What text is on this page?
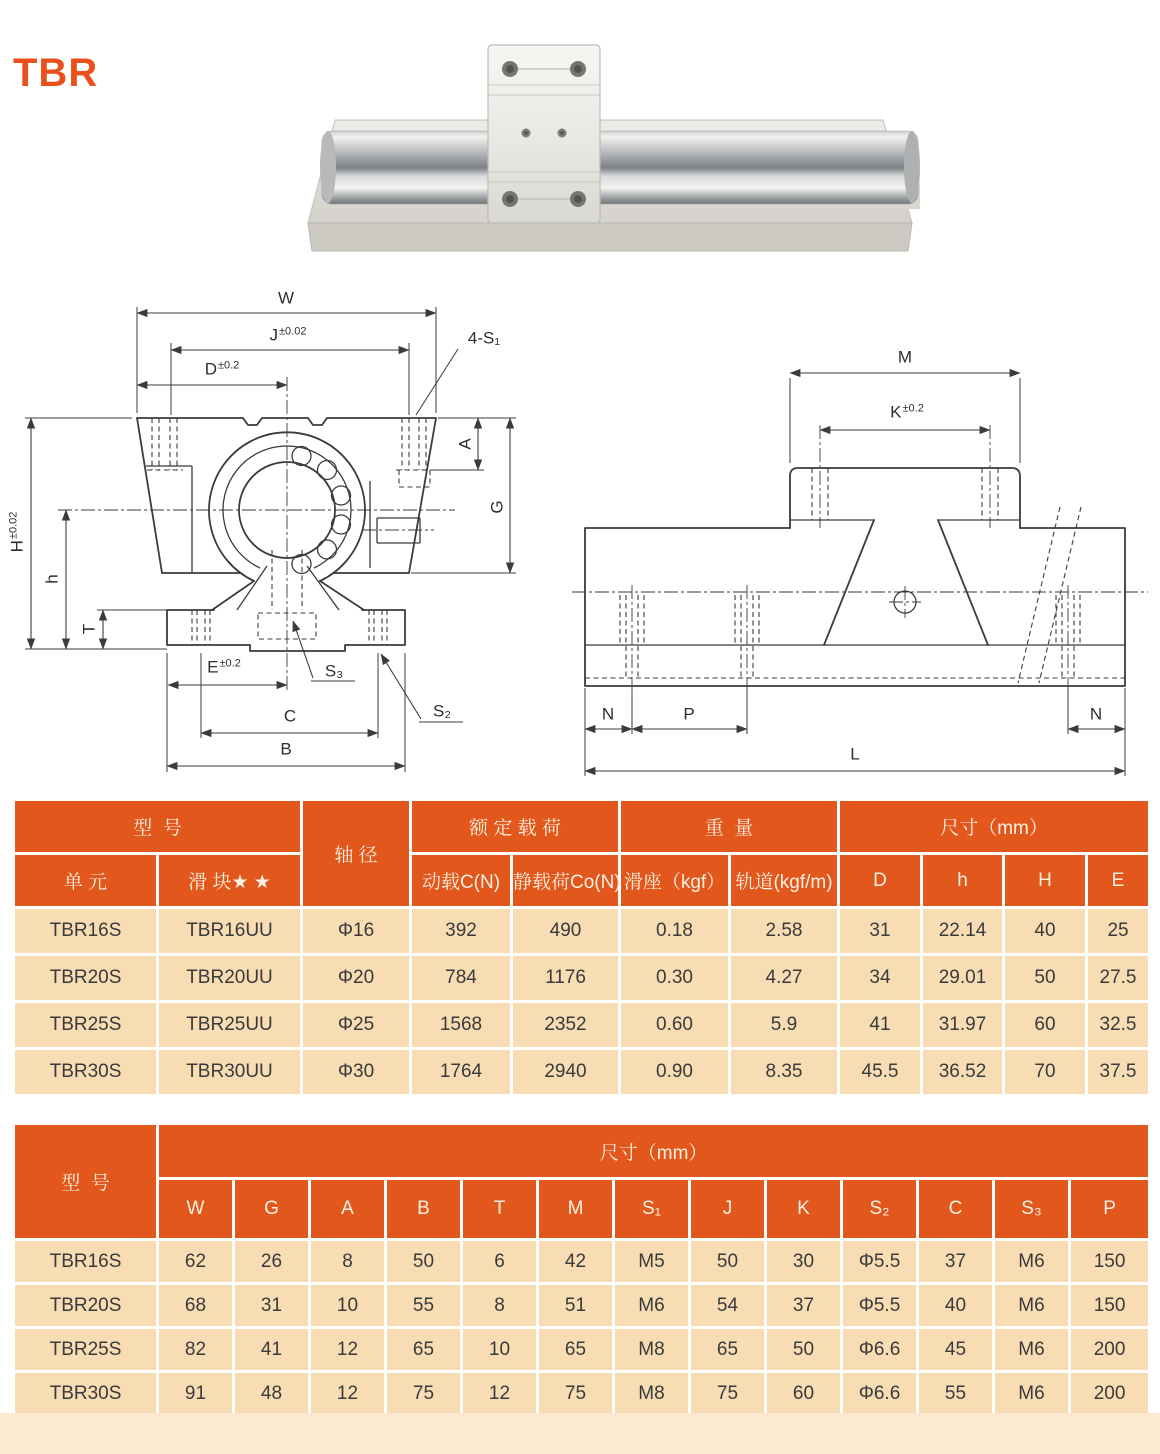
TBR
W
$J^{\pm 0.02}$
$D^{\pm 0.2}$
4-S₁
A
G
$H^{\pm 0.02}$
h
T
$E^{\pm 0.2}$	S₃
S₂
C
B
M
$K^{\pm 0.2}$
N	P	N
L
型  号		轴 径	额 定 载 荷		重  量		尺寸（mm）			
单 元	滑 块★ ★		动载C(N)	静载荷Co(N)	滑座（kgf）	轨道(kgf/m)	D	h	H	E
TBR16S	TBR16UU	Φ16	392	490	0.18	2.58	31	22.14	40	25
TBR20S	TBR20UU	Φ20	784	1176	0.30	4.27	34	29.01	50	27.5
TBR25S	TBR25UU	Φ25	1568	2352	0.60	5.9	41	31.97	60	32.5
TBR30S	TBR30UU	Φ30	1764	2940	0.90	8.35	45.5	36.52	70	37.5
型  号	尺寸（mm）												
	W	G	A	B	T	M	S₁	J	K	S₂	C	S₃	P
TBR16S	62	26	8	50	6	42	M5	50	30	Φ5.5	37	M6	150
TBR20S	68	31	10	55	8	51	M6	54	37	Φ5.5	40	M6	150
TBR25S	82	41	12	65	10	65	M8	65	50	Φ6.6	45	M6	200
TBR30S	91	48	12	75	12	75	M8	75	60	Φ6.6	55	M6	200
